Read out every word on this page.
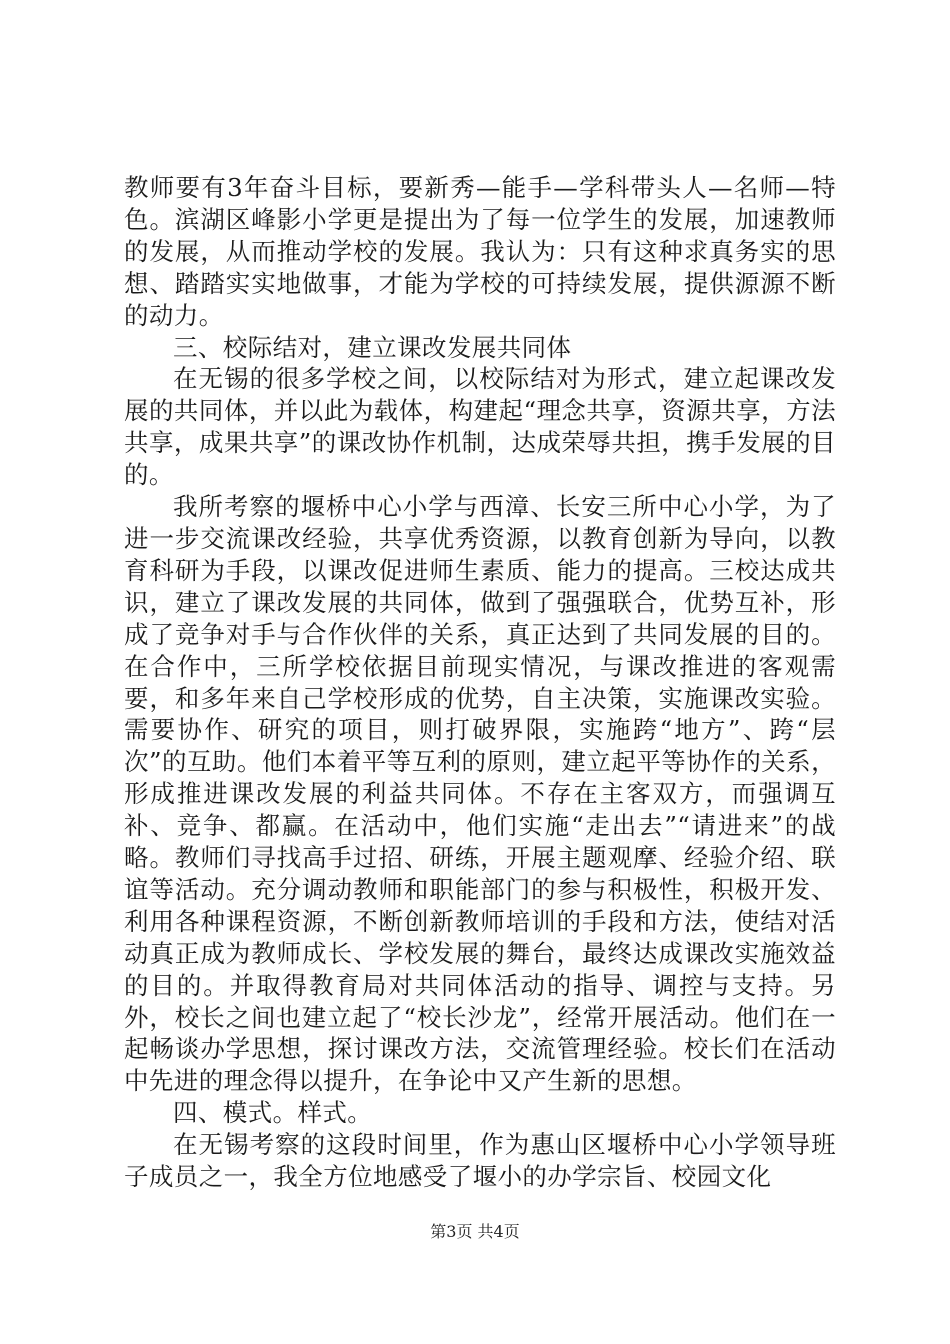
教师要有3年奋斗目标，要新秀—能手—学科带头人—名师—特色。滨湖区峰影小学更是提出为了每一位学生的发展，加速教师的发展，从而推动学校的发展。我认为：只有这种求真务实的思想、踏踏实实地做事，才能为学校的可持续发展，提供源源不断的动力。

三、校际结对，建立课改发展共同体

在无锡的很多学校之间，以校际结对为形式，建立起课改发展的共同体，并以此为载体，构建起“理念共享，资源共享，方法共享，成果共享”的课改协作机制，达成荣辱共担，携手发展的目的。

我所考察的堰桥中心小学与西漳、长安三所中心小学，为了进一步交流课改经验，共享优秀资源，以教育创新为导向，以教育科研为手段，以课改促进师生素质、能力的提高。三校达成共识，建立了课改发展的共同体，做到了强强联合，优势互补，形成了竞争对手与合作伙伴的关系，真正达到了共同发展的目的。在合作中，三所学校依据目前现实情况，与课改推进的客观需要，和多年来自己学校形成的优势，自主决策，实施课改实验。需要协作、研究的项目，则打破界限，实施跨“地方”、跨“层次”的互助。他们本着平等互利的原则，建立起平等协作的关系，形成推进课改发展的利益共同体。不存在主客双方，而强调互补、竞争、都赢。在活动中，他们实施“走出去”“请进来”的战略。教师们寻找高手过招、研练，开展主题观摩、经验介绍、联谊等活动。充分调动教师和职能部门的参与积极性，积极开发、利用各种课程资源，不断创新教师培训的手段和方法，使结对活动真正成为教师成长、学校发展的舞台，最终达成课改实施效益的目的。并取得教育局对共同体活动的指导、调控与支持。另外，校长之间也建立起了“校长沙龙”，经常开展活动。他们在一起畅谈办学思想，探讨课改方法，交流管理经验。校长们在活动中先进的理念得以提升，在争论中又产生新的思想。

四、模式。样式。

在无锡考察的这段时间里，作为惠山区堰桥中心小学领导班子成员之一，我全方位地感受了堰小的办学宗旨、校园文化

第3页 共4页
